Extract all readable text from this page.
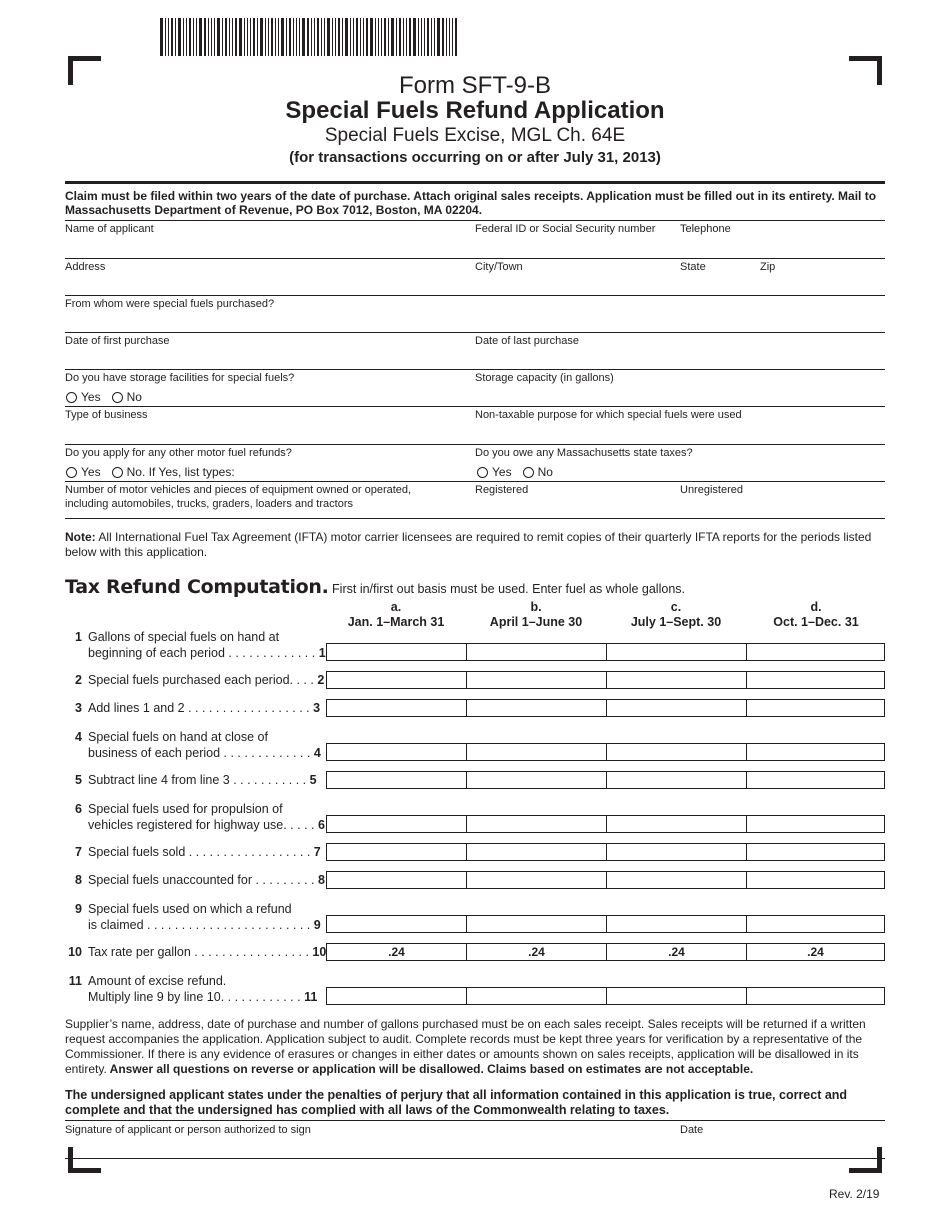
Form SFT-9-B
Special Fuels Refund Application
Special Fuels Excise, MGL Ch. 64E
(for transactions occurring on or after July 31, 2013)
Claim must be filed within two years of the date of purchase. Attach original sales receipts. Application must be filled out in its entirety. Mail to Massachusetts Department of Revenue, PO Box 7012, Boston, MA 02204.
Name of applicant	Federal ID or Social Security number Telephone
Address	City/Town	State	Zip
From whom were special fuels purchased?
Date of first purchase	Date of last purchase
Do you have storage facilities for special fuels?	Storage capacity (in gallons)
Yes No
Type of business	Non-taxable purpose for which special fuels were used
Do you apply for any other motor fuel refunds?	Do you owe any Massachusetts state taxes?
Yes No. If Yes, list types:	Yes No
Number of motor vehicles and pieces of equipment owned or operated,
including automobiles, trucks, graders, loaders and tractors
Registered	Unregistered
Note: All International Fuel Tax Agreement (IFTA) motor carrier licensees are required to remit copies of their quarterly IFTA reports for the periods listed below with this application.
Tax Refund Computation. First in/first out basis must be used. Enter fuel as whole gallons.
a.
Jan. 1–March 31
b.
April 1–June 30
c.
July 1–Sept. 30
d.
Oct. 1–Dec. 31
1 Gallons of special fuels on hand at
beginning of each period . . . . . . . . . . . . . 1
2 Special fuels purchased each period. . . . 2
3 Add lines 1 and 2 . . . . . . . . . . . . . . . . . . 3
4 Special fuels on hand at close of
business of each period . . . . . . . . . . . . . 4
5 Subtract line 4 from line 3 . . . . . . . . . . . 5
6 Special fuels used for propulsion of
vehicles registered for highway use. . . . . 6
7 Special fuels sold . . . . . . . . . . . . . . . . . . 7
8 Special fuels unaccounted for . . . . . . . . . 8
9 Special fuels used on which a refund
is claimed . . . . . . . . . . . . . . . . . . . . . . . . 9
10 Tax rate per gallon . . . . . . . . . . . . . . . . . 10	.24	.24	.24	.24
11 Amount of excise refund.
Multiply line 9 by line 10. . . . . . . . . . . . 11
Supplier’s name, address, date of purchase and number of gallons purchased must be on each sales receipt. Sales receipts will be returned if a written request accompanies the application. Application subject to audit. Complete records must be kept three years for verification by a representative of the Commissioner. If there is any evidence of erasures or changes in either dates or amounts shown on sales receipts, application will be disallowed in its entirety. Answer all questions on reverse or application will be disallowed. Claims based on estimates are not acceptable.
The undersigned applicant states under the penalties of perjury that all information contained in this application is true, correct and complete and that the undersigned has complied with all laws of the Commonwealth relating to taxes.
Signature of applicant or person authorized to sign	Date
Rev. 2/19
